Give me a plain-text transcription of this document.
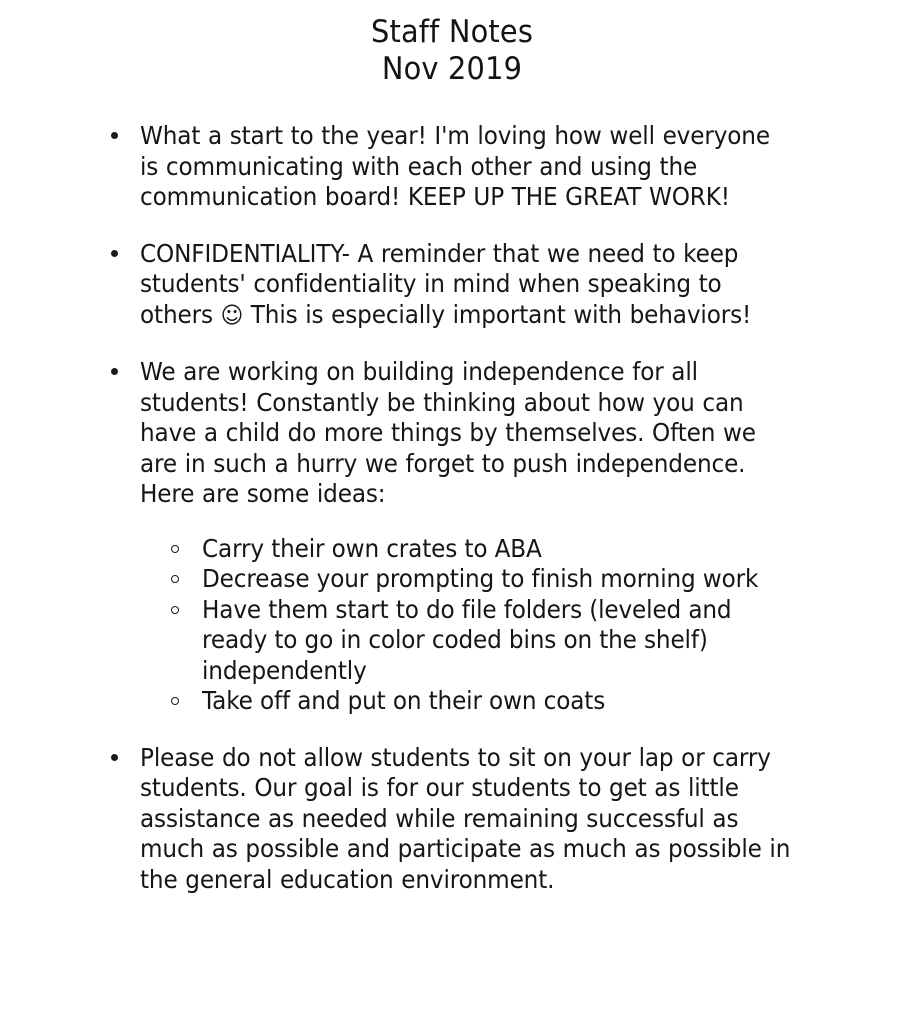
Staff Notes
Nov 2019
What a start to the year! I'm loving how well everyone is communicating with each other and using the communication board! KEEP UP THE GREAT WORK!
CONFIDENTIALITY- A reminder that we need to keep students' confidentiality in mind when speaking to others ☺ This is especially important with behaviors!
We are working on building independence for all students! Constantly be thinking about how you can have a child do more things by themselves. Often we are in such a hurry we forget to push independence. Here are some ideas:
Carry their own crates to ABA
Decrease your prompting to finish morning work
Have them start to do file folders (leveled and ready to go in color coded bins on the shelf) independently
Take off and put on their own coats
Please do not allow students to sit on your lap or carry students. Our goal is for our students to get as little assistance as needed while remaining successful as much as possible and participate as much as possible in the general education environment.
